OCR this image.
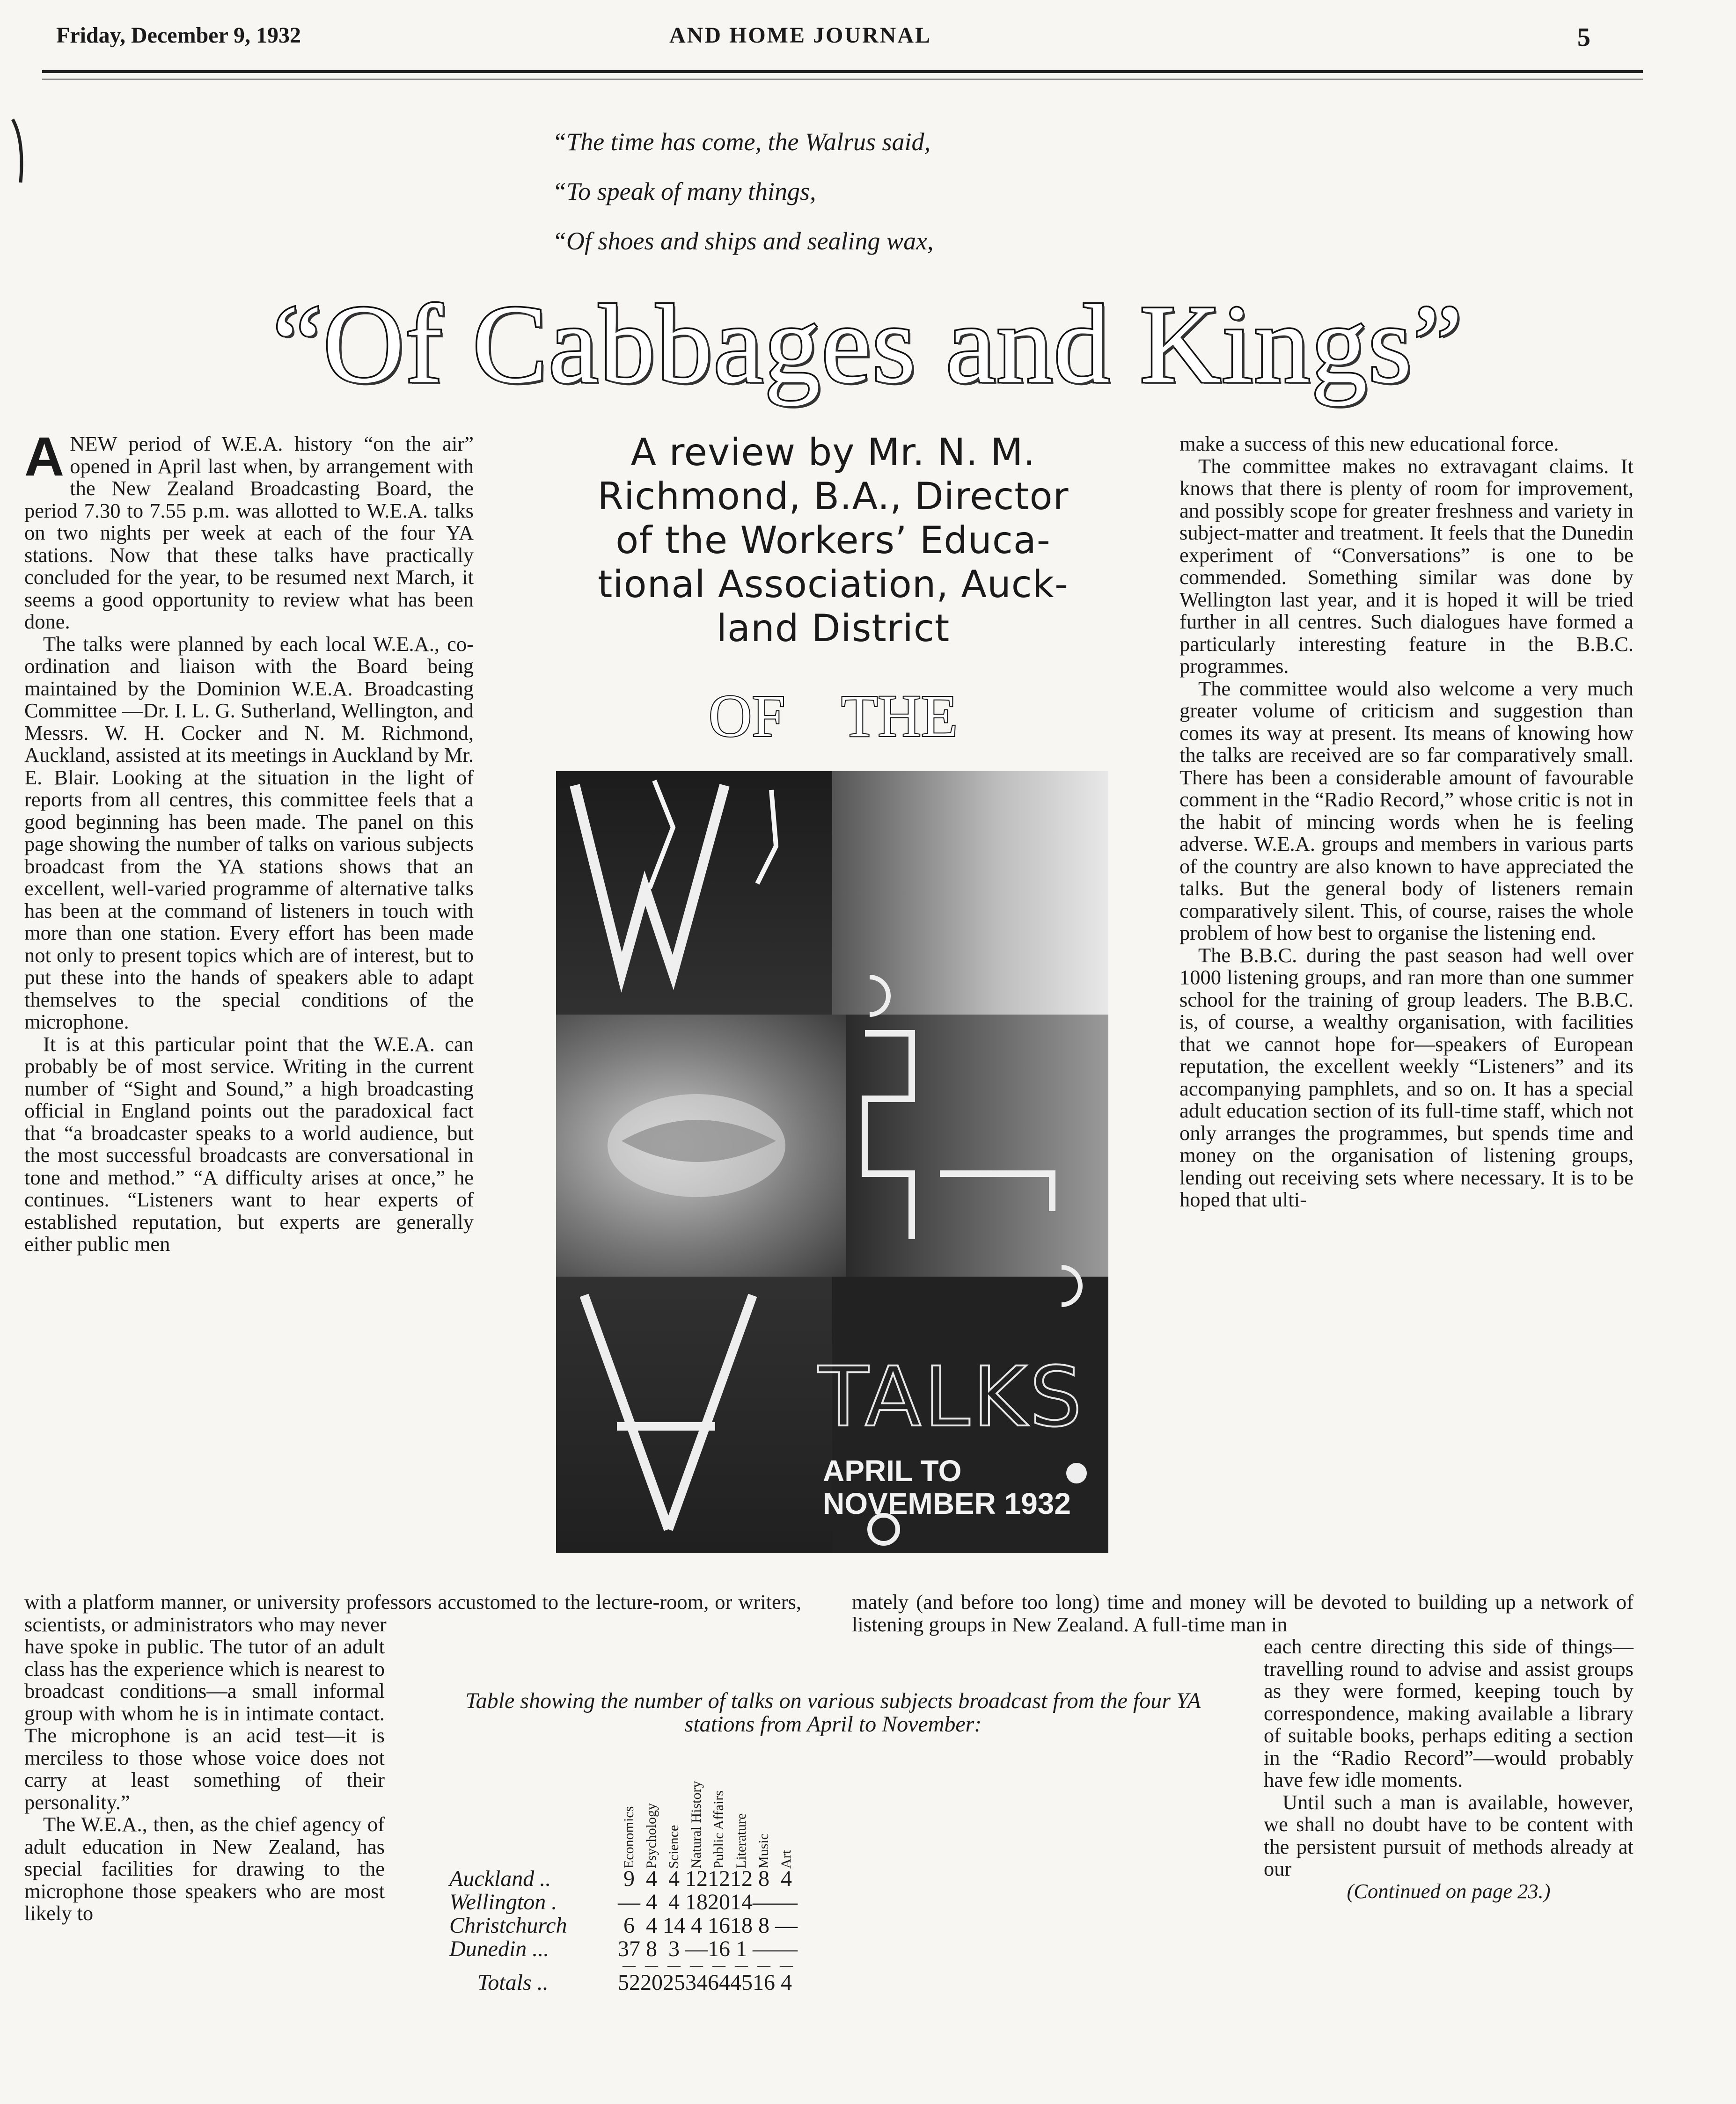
Friday, December 9, 1932	AND HOME JOURNAL	5
“The time has come, the Walrus said,
“To speak of many things,
“Of shoes and ships and sealing wax,
“Of Cabbages and Kings”

ANEW period of W.E.A. history “on the air” opened in April last when, by arrangement with the New Zealand Broadcasting Board, the period 7.30 to 7.55 p.m. was allotted to W.E.A. talks on two nights per week at each of the four YA stations. Now that these talks have practically concluded for the year, to be resumed next March, it seems a good opportunity to review what has been done.

The talks were planned by each local W.E.A., co-ordination and liaison with the Board being maintained by the Dominion W.E.A. Broadcasting Committee —Dr. I. L. G. Sutherland, Wellington, and Messrs. W. H. Cocker and N. M. Richmond, Auckland, assisted at its meetings in Auckland by Mr. E. Blair. Looking at the situation in the light of reports from all centres, this committee feels that a good beginning has been made. The panel on this page showing the number of talks on various subjects broadcast from the YA stations shows that an excellent, well-varied programme of alternative talks has been at the command of listeners in touch with more than one station. Every effort has been made not only to present topics which are of interest, but to put these into the hands of speakers able to adapt themselves to the special conditions of the microphone.

It is at this particular point that the W.E.A. can probably be of most service. Writing in the current number of “Sight and Sound,” a high broadcasting official in England points out the paradoxical fact that “a broadcaster speaks to a world audience, but the most successful broadcasts are conversational in tone and method.” “A difficulty arises at once,” he continues. “Listeners want to hear experts of established reputation, but experts are generally either public men

A review by Mr. N. M.
Richmond, B.A., Director
of the Workers’ Educa-
tional Association, Auck-
land District
OF THE
TALKS
APRIL TO
NOVEMBER 1932

make a success of this new educational force.

The committee makes no extravagant claims. It knows that there is plenty of room for improvement, and possibly scope for greater freshness and variety in subject-matter and treatment. It feels that the Dunedin experiment of “Conversations” is one to be commended. Something similar was done by Wellington last year, and it is hoped it will be tried further in all centres. Such dialogues have formed a particularly interesting feature in the B.B.C. programmes.

The committee would also welcome a very much greater volume of criticism and suggestion than comes its way at present. Its means of knowing how the talks are received are so far comparatively small. There has been a considerable amount of favourable comment in the “Radio Record,” whose critic is not in the habit of mincing words when he is feeling adverse. W.E.A. groups and members in various parts of the country are also known to have appreciated the talks. But the general body of listeners remain comparatively silent. This, of course, raises the whole problem of how best to organise the listening end.

The B.B.C. during the past season had well over 1000 listening groups, and ran more than one summer school for the training of group leaders. The B.B.C. is, of course, a wealthy organisation, with facilities that we cannot hope for—speakers of European reputation, the excellent weekly “Listeners” and its accompanying pamphlets, and so on. It has a special adult education section of its full-time staff, which not only arranges the programmes, but spends time and money on the organisation of listening groups, lending out receiving sets where necessary. It is to be hoped that ulti-

with a platform manner, or university professors accustomed to the lecture-room, or writers, scientists, or administrators who may never
mately (and before too long) time and money will be devoted to building up a network of listening groups in New Zealand. A full-time man in

have spoke in public. The tutor of an adult class has the experience which is nearest to broadcast conditions—a small informal group with whom he is in intimate contact. The microphone is an acid test—it is merciless to those whose voice does not carry at least something of their personality.”

The W.E.A., then, as the chief agency of adult education in New Zealand, has special facilities for drawing to the microphone those speakers who are most likely to

Table showing the number of talks on various subjects broadcast from the four YA stations from April to November:
	Economics	Psychology	Science	Natural History	Public Affairs	Literature	Music	Art
Auckland ..	9	4	4	12	12	12	8	4
Wellington .	—	4	4	18	20	14	—	—
Christchurch	6	4	14	4	16	18	8	—
Dunedin ...	37	8	3	—	16	1	—	—
	—	—	—	—	—	—	—	—
Totals ..	52	20	25	34	64	45	16	4

each centre directing this side of things—travelling round to advise and assist groups as they were formed, keeping touch by correspondence, making available a library of suitable books, perhaps editing a section in the “Radio Record”—would probably have few idle moments.

Until such a man is available, however, we shall no doubt have to be content with the persistent pursuit of methods already at our

(Continued on page 23.)
